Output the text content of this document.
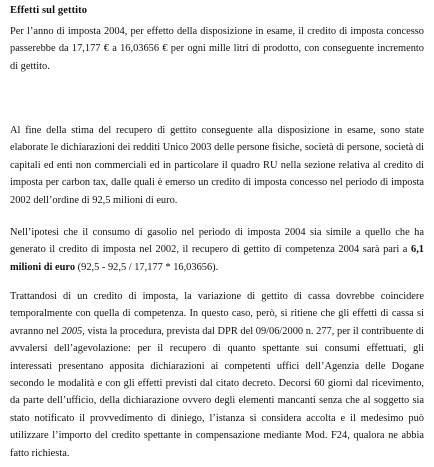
Effetti sul gettito

Per l’anno di imposta 2004, per effetto della disposizione in esame, il credito di imposta concesso passerebbe da 17,177 € a 16,03656 € per ogni mille litri di prodotto, con conseguente incremento di gettito.

Al fine della stima del recupero di gettito conseguente alla disposizione in esame, sono state elaborate le dichiarazioni dei redditi Unico 2003 delle persone fisiche, società di persone, società di capitali ed enti non commerciali ed in particolare il quadro RU nella sezione relativa al credito di imposta per carbon tax, dalle quali è emerso un credito di imposta concesso nel periodo di imposta 2002 dell’ordine di 92,5 milioni di euro.

Nell’ipotesi che il consumo di gasolio nel periodo di imposta 2004 sia simile a quello che ha generato il credito di imposta nel 2002, il recupero di gettito di competenza 2004 sarà pari a 6,1 milioni di euro (92,5 - 92,5 / 17,177 * 16,03656).

Trattandosi di un credito di imposta, la variazione di gettito di cassa dovrebbe coincidere temporalmente con quella di competenza. In questo caso, però, si ritiene che gli effetti di cassa si avranno nel 2005, vista la procedura, prevista dal DPR del 09/06/2000 n. 277, per il contribuente di avvalersi dell’agevolazione: per il recupero di quanto spettante sui consumi effettuati, gli interessati presentano apposita dichiarazioni ai competenti uffici dell’Agenzia delle Dogane secondo le modalità e con gli effetti previsti dal citato decreto. Decorsi 60 giorni dal ricevimento, da parte dell’ufficio, della dichiarazione ovvero degli elementi mancanti senza che al soggetto sia stato notificato il provvedimento di diniego, l’istanza si considera accolta e il medesimo può utilizzare l’importo del credito spettante in compensazione mediante Mod. F24, qualora ne abbia fatto richiesta.
